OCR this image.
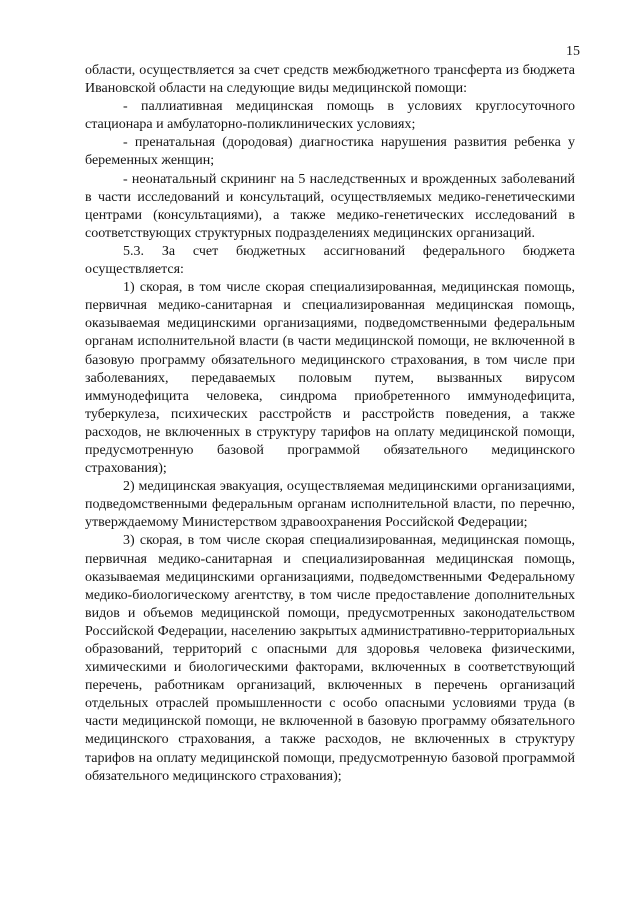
15

области, осуществляется за счет средств межбюджетного трансферта из бюджета Ивановской области на следующие виды медицинской помощи:

- паллиативная медицинская помощь в условиях круглосуточного стационара и амбулаторно-поликлинических условиях;

- пренатальная (дородовая) диагностика нарушения развития ребенка у беременных женщин;

- неонатальный скрининг на 5 наследственных и врожденных заболеваний в части исследований и консультаций, осуществляемых медико-генетическими центрами (консультациями), а также медико-генетических исследований в соответствующих структурных подразделениях медицинских организаций.

5.3. За счет бюджетных ассигнований федерального бюджета осуществляется:

1) скорая, в том числе скорая специализированная, медицинская помощь, первичная медико-санитарная и специализированная медицинская помощь, оказываемая медицинскими организациями, подведомственными федеральным органам исполнительной власти (в части медицинской помощи, не включенной в базовую программу обязательного медицинского страхования, в том числе при заболеваниях, передаваемых половым путем, вызванных вирусом иммунодефицита человека, синдрома приобретенного иммунодефицита, туберкулеза, психических расстройств и расстройств поведения, а также расходов, не включенных в структуру тарифов на оплату медицинской помощи, предусмотренную базовой программой обязательного медицинского страхования);

2) медицинская эвакуация, осуществляемая медицинскими организациями, подведомственными федеральным органам исполнительной власти, по перечню, утверждаемому Министерством здравоохранения Российской Федерации;

3) скорая, в том числе скорая специализированная, медицинская помощь, первичная медико-санитарная и специализированная медицинская помощь, оказываемая медицинскими организациями, подведомственными Федеральному медико-биологическому агентству, в том числе предоставление дополнительных видов и объемов медицинской помощи, предусмотренных законодательством Российской Федерации, населению закрытых административно-территориальных образований, территорий с опасными для здоровья человека физическими, химическими и биологическими факторами, включенных в соответствующий перечень, работникам организаций, включенных в перечень организаций отдельных отраслей промышленности с особо опасными условиями труда (в части медицинской помощи, не включенной в базовую программу обязательного медицинского страхования, а также расходов, не включенных в структуру тарифов на оплату медицинской помощи, предусмотренную базовой программой обязательного медицинского страхования);
